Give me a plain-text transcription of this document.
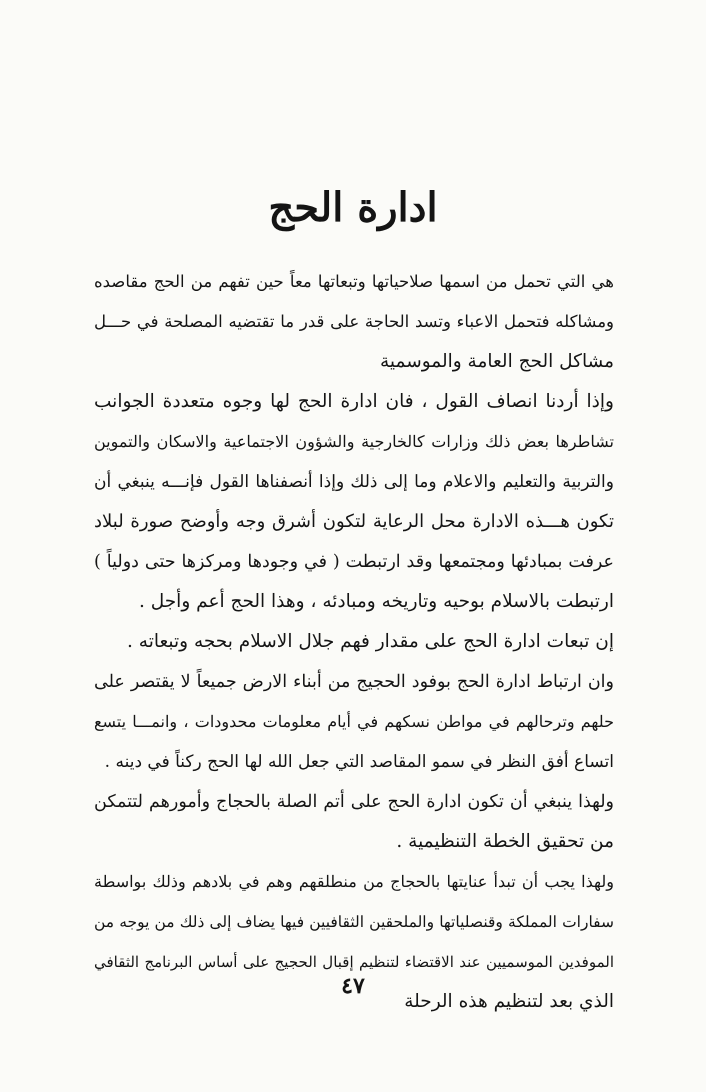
ادارة الحج
هي التي تحمل من اسمها صلاحياتها وتبعاتها معاً حين تفهم من الحج مقاصده
ومشاكله فتحمل الاعباء وتسد الحاجة على قدر ما تقتضيه المصلحة في حـــل
مشاكل الحج العامة والموسمية
وإذا أردنا انصاف القول ، فان ادارة الحج لها وجوه متعددة الجوانب
تشاطرها بعض ذلك وزارات كالخارجية والشؤون الاجتماعية والاسكان والتموين
والتربية والتعليم والاعلام وما إلى ذلك وإذا أنصفناها القول فإنـــه ينبغي أن
تكون هـــذه الادارة محل الرعاية لتكون أشرق وجه وأوضح صورة لبلاد
عرفت بمبادئها ومجتمعها وقد ارتبطت ( في وجودها ومركزها حتى دولياً )
ارتبطت بالاسلام بوحيه وتاريخه ومبادئه ، وهذا الحج أعم وأجل .
إن تبعات ادارة الحج على مقدار فهم جلال الاسلام بحجه وتبعاته .
وان ارتباط ادارة الحج بوفود الحجيج من أبناء الارض جميعاً لا يقتصر على
حلهم وترحالهم في مواطن نسكهم في أيام معلومات محدودات ، وانمـــا يتسع
اتساع أفق النظر في سمو المقاصد التي جعل الله لها الحج ركناً في دينه .
ولهذا ينبغي أن تكون ادارة الحج على أتم الصلة بالحجاج وأمورهم لتتمكن
من تحقيق الخطة التنظيمية .
ولهذا يجب أن تبدأ عنايتها بالحجاج من منطلقهم وهم في بلادهم وذلك بواسطة
سفارات المملكة وقنصلياتها والملحقين الثقافيين فيها يضاف إلى ذلك من يوجه من
الموفدين الموسميين عند الاقتضاء لتنظيم إقبال الحجيج على أساس البرنامج الثقافي
الذي بعد لتنظيم هذه الرحلة
٤٧
